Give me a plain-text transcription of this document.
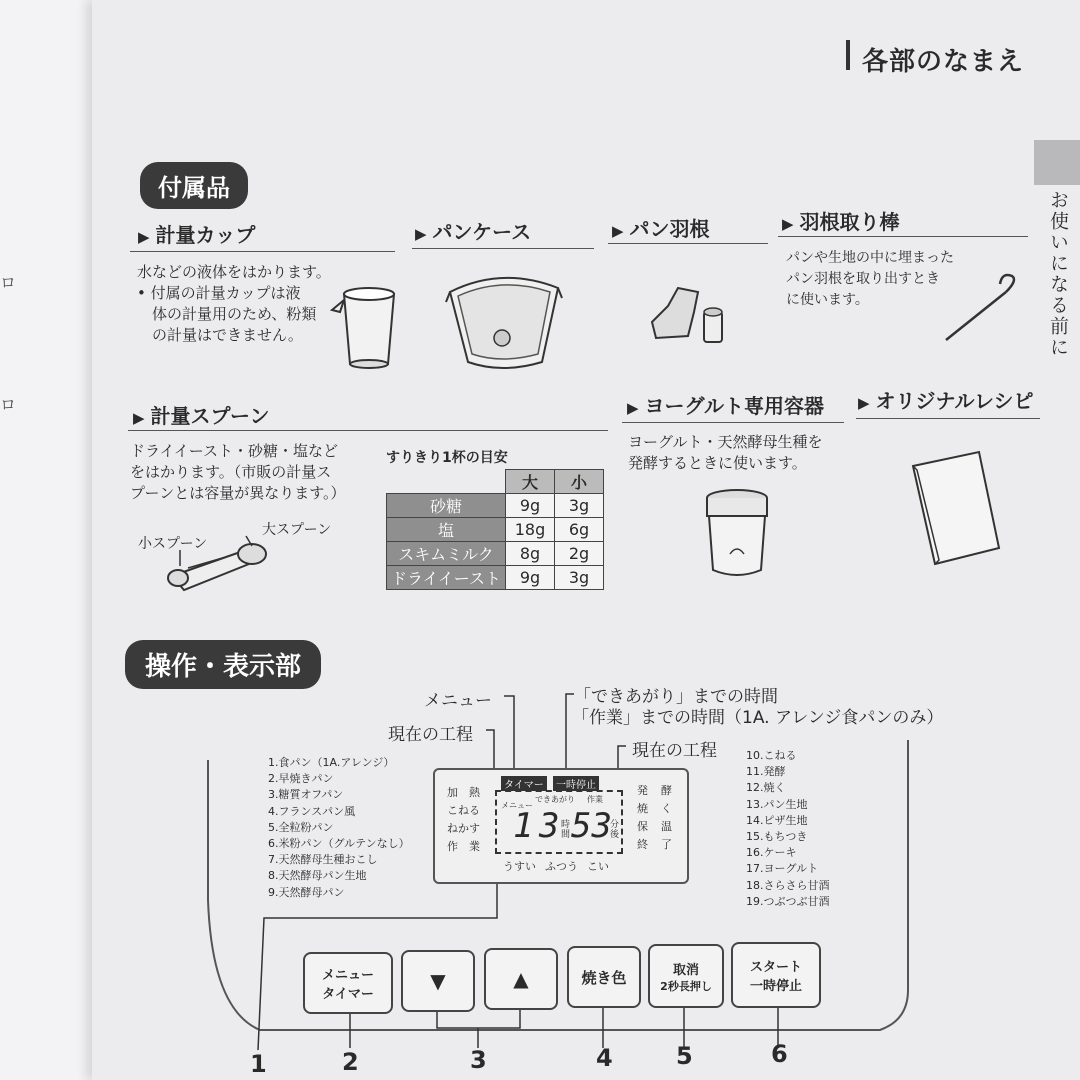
ロ
ロ
各部のなまえ
お使いになる前に
付属品
▶ 計量カップ
水などの液体をはかります。
• 付属の計量カップは液
体の計量用のため、粉類
の計量はできません。
▶ パンケース	▶ パン羽根	▶ 羽根取り棒
パンや生地の中に埋まった
パン羽根を取り出すとき
に使います。
▶ 計量スプーン
ドライイースト・砂糖・塩など
をはかります。（市販の計量ス
プーンとは容量が異なります。）
小スプーン
大スプーン
すりきり1杯の目安
	大	小
砂糖	9g	3g
塩	18g	6g
スキムミルク	8g	2g
ドライイースト	9g	3g
▶ ヨーグルト専用容器
ヨーグルト・天然酵母生種を
発酵するときに使います。
▶ オリジナルレシピ
操作・表示部
メニュー	「できあがり」までの時間
「作業」までの時間（1A. アレンジ食パンのみ）
現在の工程
現在の工程
1.食パン（1A.アレンジ）
2.早焼きパン
3.糖質オフパン
4.フランスパン風
5.全粒粉パン
6.米粉パン（グルテンなし）
7.天然酵母生種おこし
8.天然酵母パン生地
9.天然酵母パン
10.こねる
11.発酵
12.焼く
13.パン生地
14.ピザ生地
15.もちつき
16.ケーキ
17.ヨーグルト
18.さらさら甘酒
19.つぶつぶ甘酒
加　熱
こねる
ねかす
作　業
発
焼
保
終
酵
く
温
了
タイマー	一時停止
メニュー
できあがり 作業
1 3 時
間 53
分
後
うすい ふつう こい
メニュー
タイマー
▼	▲	焼き色	取消
2秒長押し
スタート
一時停止
1	2	3	4	5	6
